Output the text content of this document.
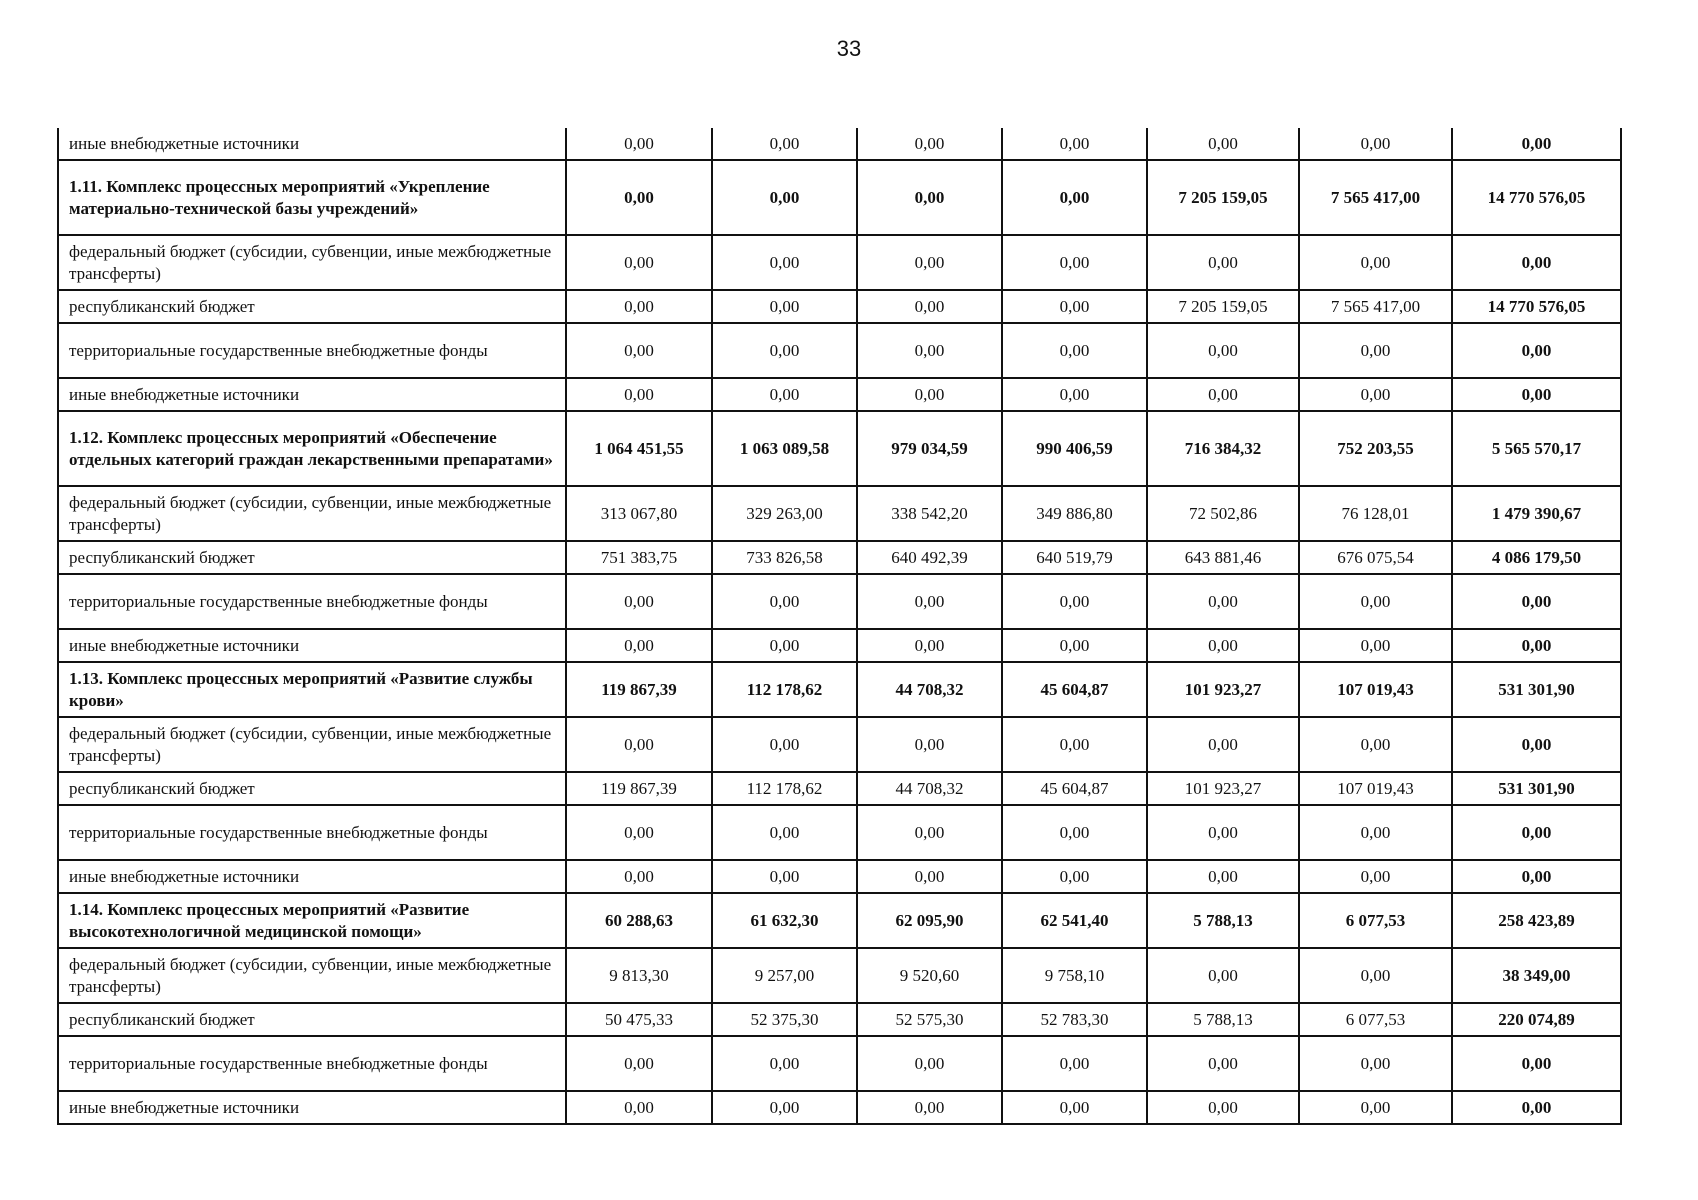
33
иные внебюджетные источники	0,00	0,00	0,00	0,00	0,00	0,00	0,00
1.11. Комплекс процессных мероприятий «Укрепление материально-технической базы учреждений»	0,00	0,00	0,00	0,00	7 205 159,05	7 565 417,00	14 770 576,05
федеральный бюджет (субсидии, субвенции, иные межбюджетные трансферты)	0,00	0,00	0,00	0,00	0,00	0,00	0,00
республиканский бюджет	0,00	0,00	0,00	0,00	7 205 159,05	7 565 417,00	14 770 576,05
территориальные государственные внебюджетные фонды	0,00	0,00	0,00	0,00	0,00	0,00	0,00
иные внебюджетные источники	0,00	0,00	0,00	0,00	0,00	0,00	0,00
1.12. Комплекс процессных мероприятий «Обеспечение отдельных категорий граждан лекарственными препаратами»	1 064 451,55	1 063 089,58	979 034,59	990 406,59	716 384,32	752 203,55	5 565 570,17
федеральный бюджет (субсидии, субвенции, иные межбюджетные трансферты)	313 067,80	329 263,00	338 542,20	349 886,80	72 502,86	76 128,01	1 479 390,67
республиканский бюджет	751 383,75	733 826,58	640 492,39	640 519,79	643 881,46	676 075,54	4 086 179,50
территориальные государственные внебюджетные фонды	0,00	0,00	0,00	0,00	0,00	0,00	0,00
иные внебюджетные источники	0,00	0,00	0,00	0,00	0,00	0,00	0,00
1.13. Комплекс процессных мероприятий «Развитие службы крови»	119 867,39	112 178,62	44 708,32	45 604,87	101 923,27	107 019,43	531 301,90
федеральный бюджет (субсидии, субвенции, иные межбюджетные трансферты)	0,00	0,00	0,00	0,00	0,00	0,00	0,00
республиканский бюджет	119 867,39	112 178,62	44 708,32	45 604,87	101 923,27	107 019,43	531 301,90
территориальные государственные внебюджетные фонды	0,00	0,00	0,00	0,00	0,00	0,00	0,00
иные внебюджетные источники	0,00	0,00	0,00	0,00	0,00	0,00	0,00
1.14. Комплекс процессных мероприятий «Развитие высокотехнологичной медицинской помощи»	60 288,63	61 632,30	62 095,90	62 541,40	5 788,13	6 077,53	258 423,89
федеральный бюджет (субсидии, субвенции, иные межбюджетные трансферты)	9 813,30	9 257,00	9 520,60	9 758,10	0,00	0,00	38 349,00
республиканский бюджет	50 475,33	52 375,30	52 575,30	52 783,30	5 788,13	6 077,53	220 074,89
территориальные государственные внебюджетные фонды	0,00	0,00	0,00	0,00	0,00	0,00	0,00
иные внебюджетные источники	0,00	0,00	0,00	0,00	0,00	0,00	0,00
